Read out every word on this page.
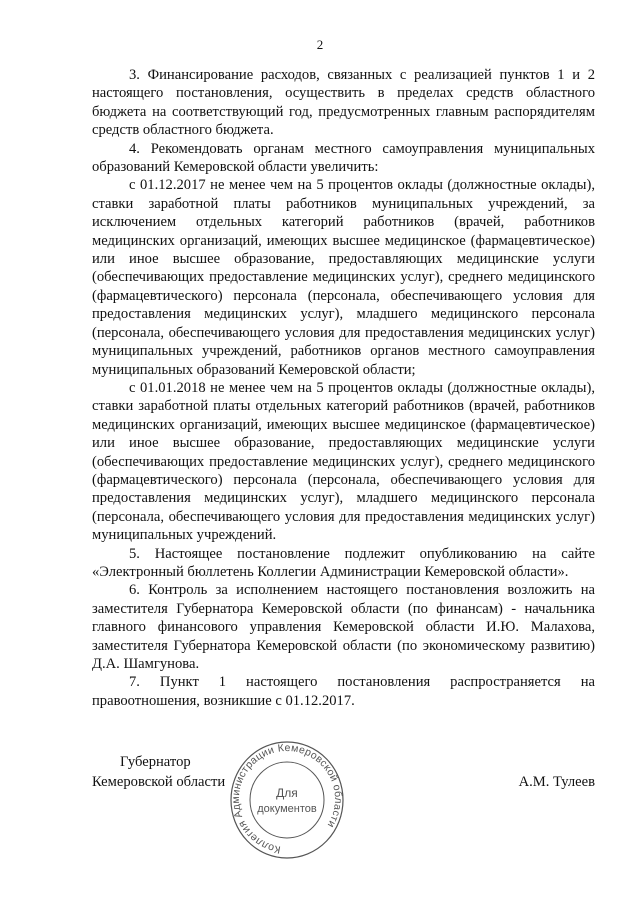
2

3. Финансирование расходов, связанных с реализацией пунктов 1 и 2 настоящего постановления, осуществить в пределах средств областного бюджета на соответствующий год, предусмотренных главным распорядителям средств областного бюджета.

4. Рекомендовать органам местного самоуправления муниципальных образований Кемеровской области увеличить:

с 01.12.2017 не менее чем на 5 процентов оклады (должностные оклады), ставки заработной платы работников муниципальных учреждений, за исключением отдельных категорий работников (врачей, работников медицинских организаций, имеющих высшее медицинское (фармацевтическое) или иное высшее образование, предоставляющих медицинские услуги (обеспечивающих предоставление медицинских услуг), среднего медицинского (фармацевтического) персонала (персонала, обеспечивающего условия для предоставления медицинских услуг), младшего медицинского персонала (персонала, обеспечивающего условия для предоставления медицинских услуг) муниципальных учреждений, работников органов местного самоуправления муниципальных образований Кемеровской области;

с 01.01.2018 не менее чем на 5 процентов оклады (должностные оклады), ставки заработной платы отдельных категорий работников (врачей, работников медицинских организаций, имеющих высшее медицинское (фармацевтическое) или иное высшее образование, предоставляющих медицинские услуги (обеспечивающих предоставление медицинских услуг), среднего медицинского (фармацевтического) персонала (персонала, обеспечивающего условия для предоставления медицинских услуг), младшего медицинского персонала (персонала, обеспечивающего условия для предоставления медицинских услуг) муниципальных учреждений.

5. Настоящее постановление подлежит опубликованию на сайте «Электронный бюллетень Коллегии Администрации Кемеровской области».

6. Контроль за исполнением настоящего постановления возложить на заместителя Губернатора Кемеровской области (по финансам) - начальника главного финансового управления Кемеровской области И.Ю. Малахова, заместителя Губернатора Кемеровской области (по экономическому развитию) Д.А. Шамгунова.

7. Пункт 1 настоящего постановления распространяется на правоотношения, возникшие с 01.12.2017.

Губернатор
Кемеровской области	А.М. Тулеев
Коллегия Администрации Кемеровской области
Для
документов
